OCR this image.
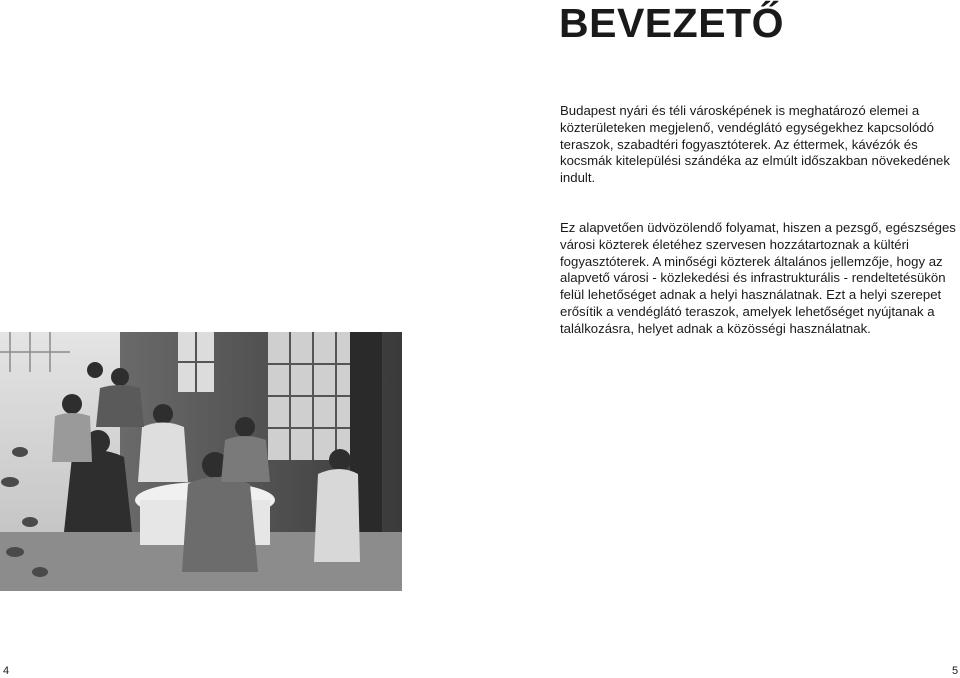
BEVEZETŐ
Budapest nyári és téli városképének is meghatározó elemei a közterületeken megjelenő, vendéglátó egységekhez kapcsolódó teraszok, szabadtéri fogyasztóterek. Az éttermek, kávézók és kocsmák kitelepülési szándéka az elmúlt időszakban növekedének indult.
Ez alapvetően üdvözölendő folyamat, hiszen a pezsgő, egészséges városi közterek életéhez szervesen hozzátartoznak a kültéri fogyasztóterek. A minőségi közterek általános jellemzője, hogy az alapvető városi - közlekedési és infrastrukturális - rendeltetésükön felül lehetőséget adnak a helyi használatnak. Ezt a helyi szerepet erősítik a vendéglátó teraszok, amelyek lehetőséget nyújtanak a találkozásra, helyet adnak a közösségi használatnak.
4	5
